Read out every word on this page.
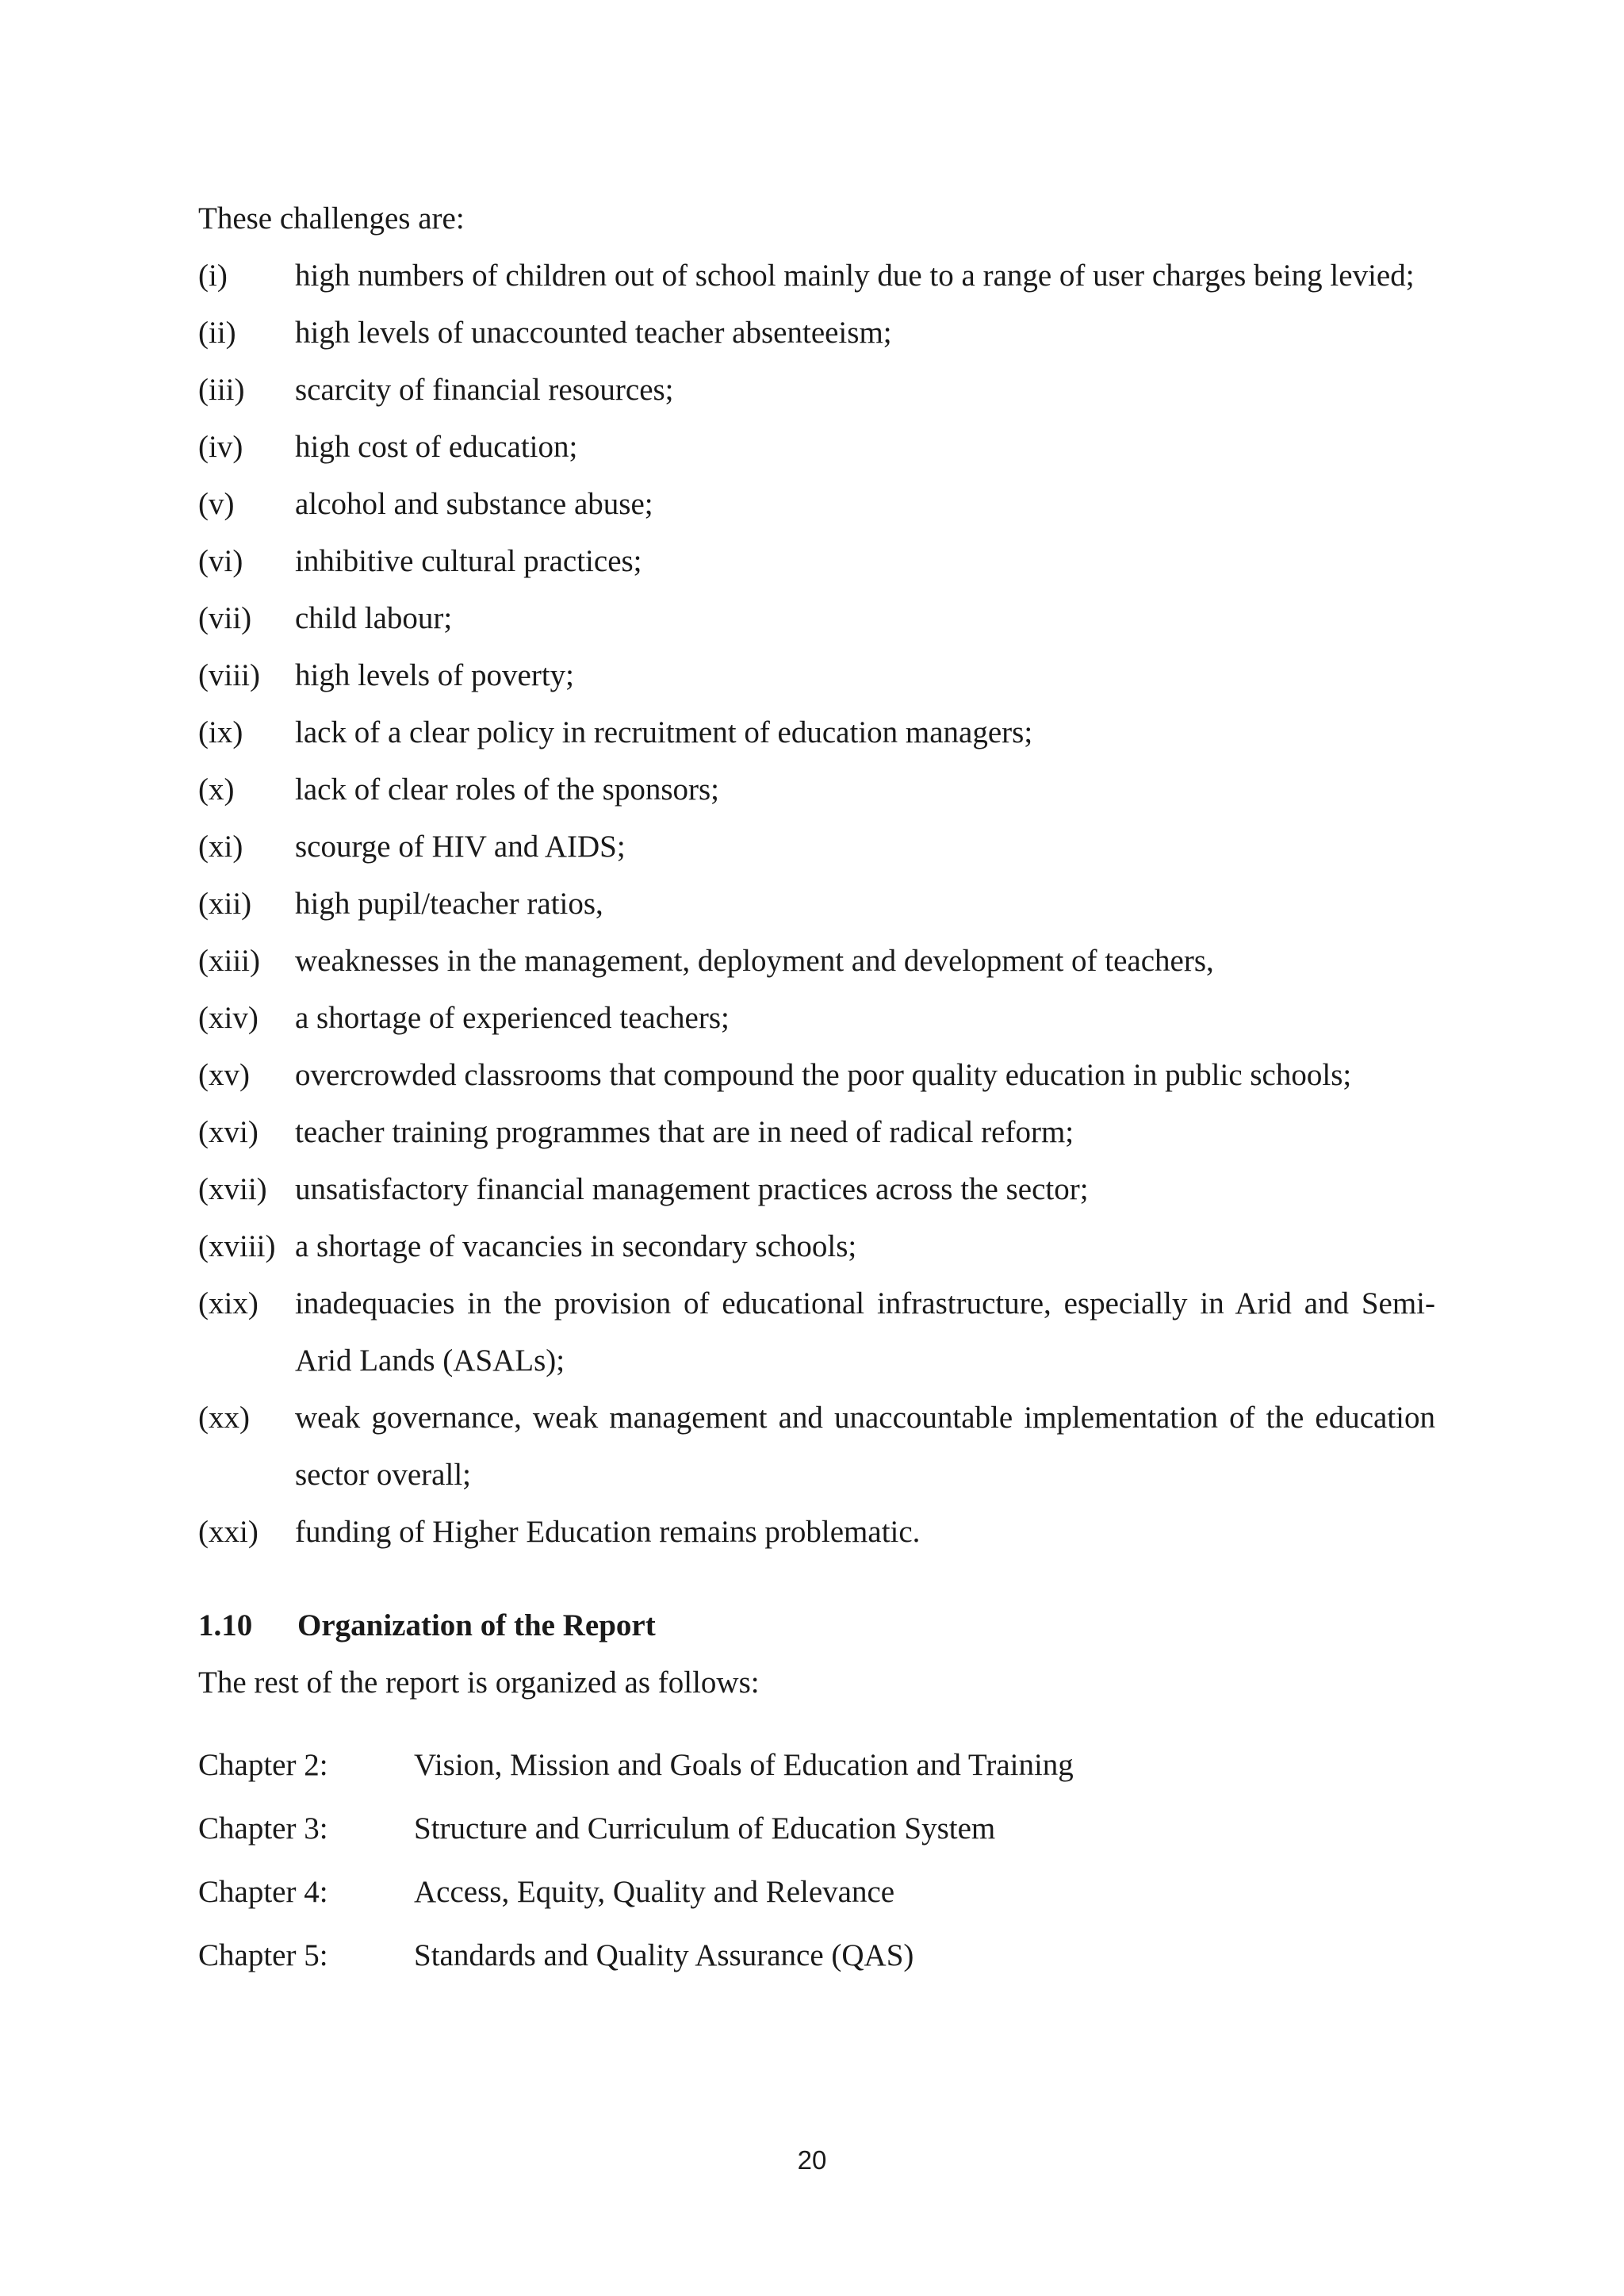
These challenges are:

(i)	high numbers of children out of school mainly due to a range of user charges being levied;
(ii)	high levels of unaccounted teacher absenteeism;
(iii)	scarcity of financial resources;
(iv)	high cost of education;
(v)	alcohol and substance abuse;
(vi)	inhibitive cultural practices;
(vii)	child labour;
(viii)	high levels of poverty;
(ix)	lack of a clear policy in recruitment of education managers;
(x)	lack of clear roles of the sponsors;
(xi)	scourge of HIV and AIDS;
(xii)	high pupil/teacher ratios,
(xiii)	weaknesses in the management, deployment and development of teachers,
(xiv)	a shortage of experienced teachers;
(xv)	overcrowded classrooms that compound the poor quality education in public schools;
(xvi)	teacher training programmes that are in need of radical reform;
(xvii) unsatisfactory financial management practices across the sector;
(xviii) a shortage of vacancies in secondary schools;
(xix)	inadequacies in the provision of educational infrastructure, especially in Arid and Semi-Arid Lands (ASALs);
(xx)	weak governance, weak management and unaccountable implementation of the education sector overall;
(xxi)	funding of Higher Education remains problematic.
1.10	Organization of the Report

The rest of the report is organized as follows:

Chapter 2:	Vision, Mission and Goals of Education and Training
Chapter 3:	Structure and Curriculum of Education System
Chapter 4:	Access, Equity, Quality and Relevance
Chapter 5:	Standards and Quality Assurance (QAS)
20
